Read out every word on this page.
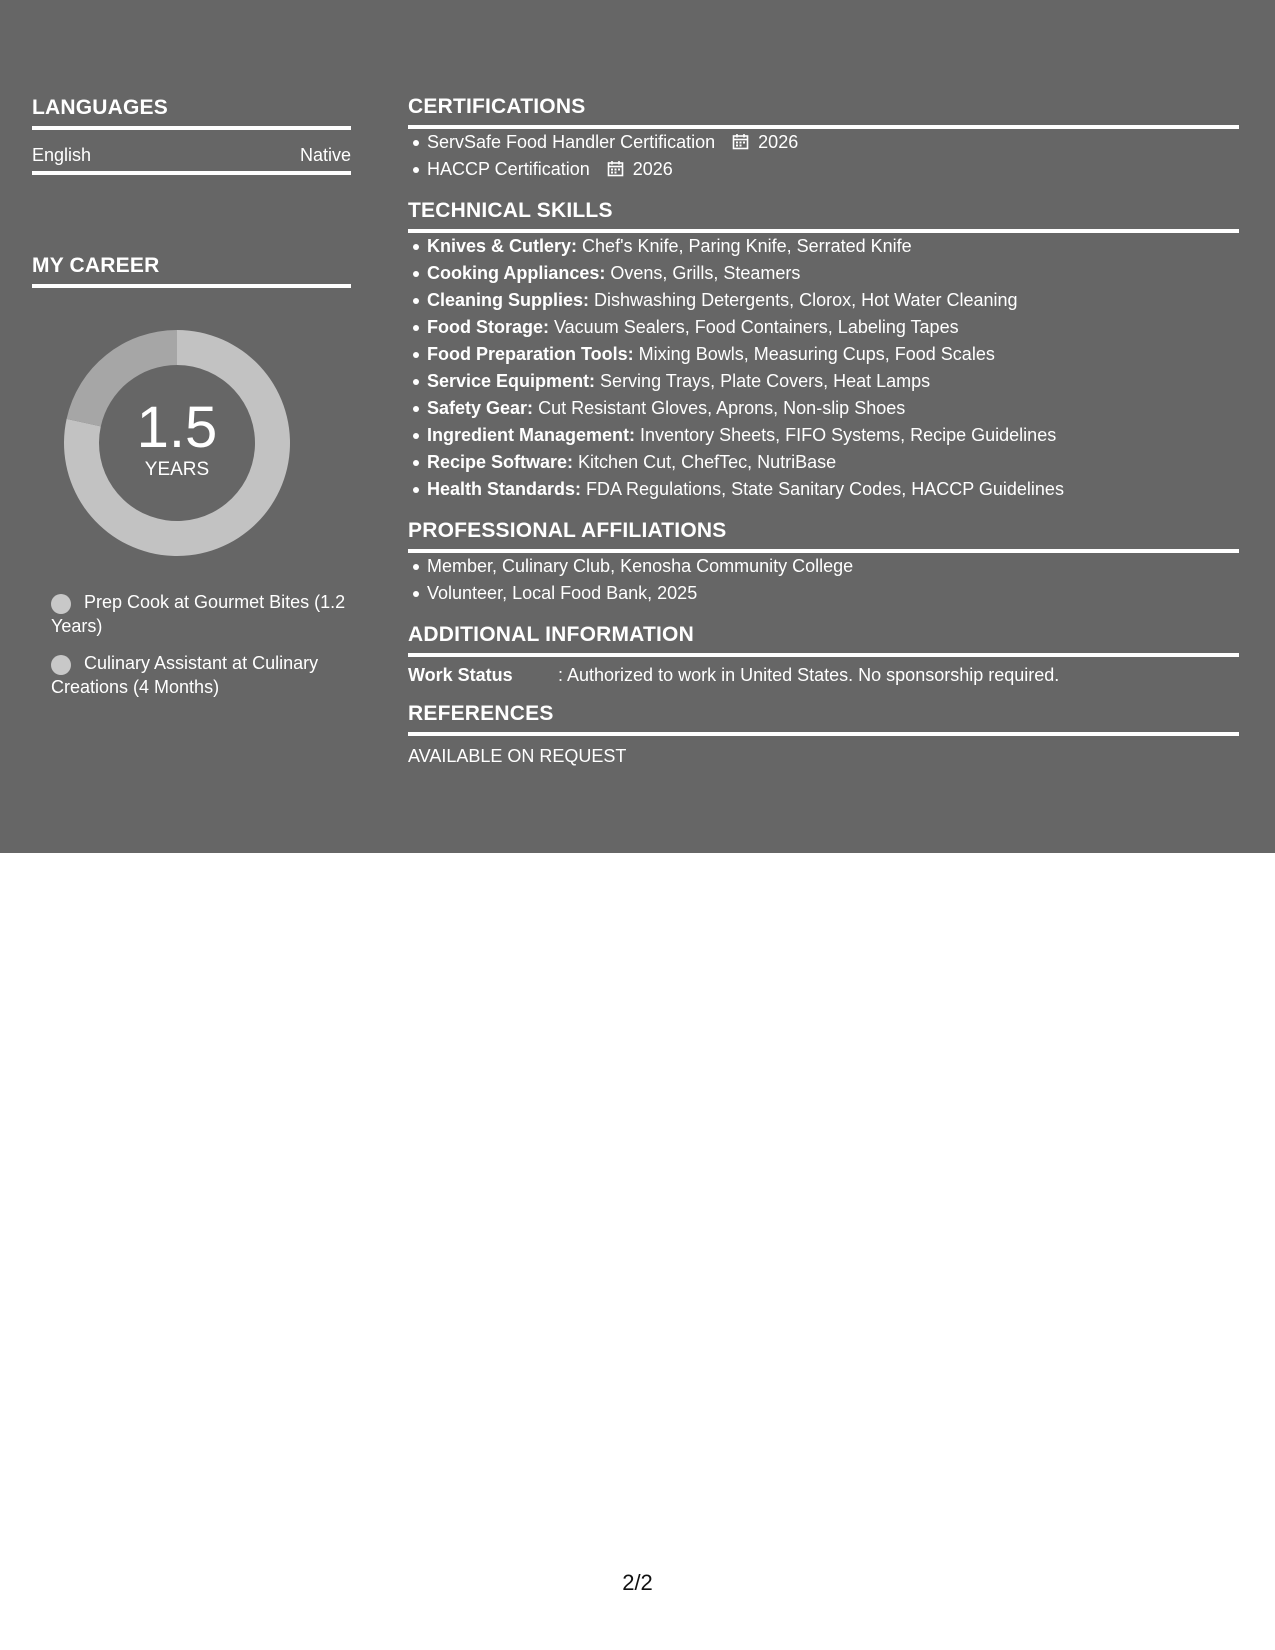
LANGUAGES
English	Native
MY CAREER
1.5
YEARS
Prep Cook at Gourmet Bites (1.2 Years)
Culinary Assistant at Culinary Creations (4 Months)
CERTIFICATIONS
ServSafe Food Handler Certification 2026
HACCP Certification 2026
TECHNICAL SKILLS
Knives & Cutlery: Chef's Knife, Paring Knife, Serrated Knife
Cooking Appliances: Ovens, Grills, Steamers
Cleaning Supplies: Dishwashing Detergents, Clorox, Hot Water Cleaning
Food Storage: Vacuum Sealers, Food Containers, Labeling Tapes
Food Preparation Tools: Mixing Bowls, Measuring Cups, Food Scales
Service Equipment: Serving Trays, Plate Covers, Heat Lamps
Safety Gear: Cut Resistant Gloves, Aprons, Non-slip Shoes
Ingredient Management: Inventory Sheets, FIFO Systems, Recipe Guidelines
Recipe Software: Kitchen Cut, ChefTec, NutriBase
Health Standards: FDA Regulations, State Sanitary Codes, HACCP Guidelines
PROFESSIONAL AFFILIATIONS
Member, Culinary Club, Kenosha Community College
Volunteer, Local Food Bank, 2025
ADDITIONAL INFORMATION
Work Status	: Authorized to work in United States. No sponsorship required.
REFERENCES
AVAILABLE ON REQUEST
2/2
